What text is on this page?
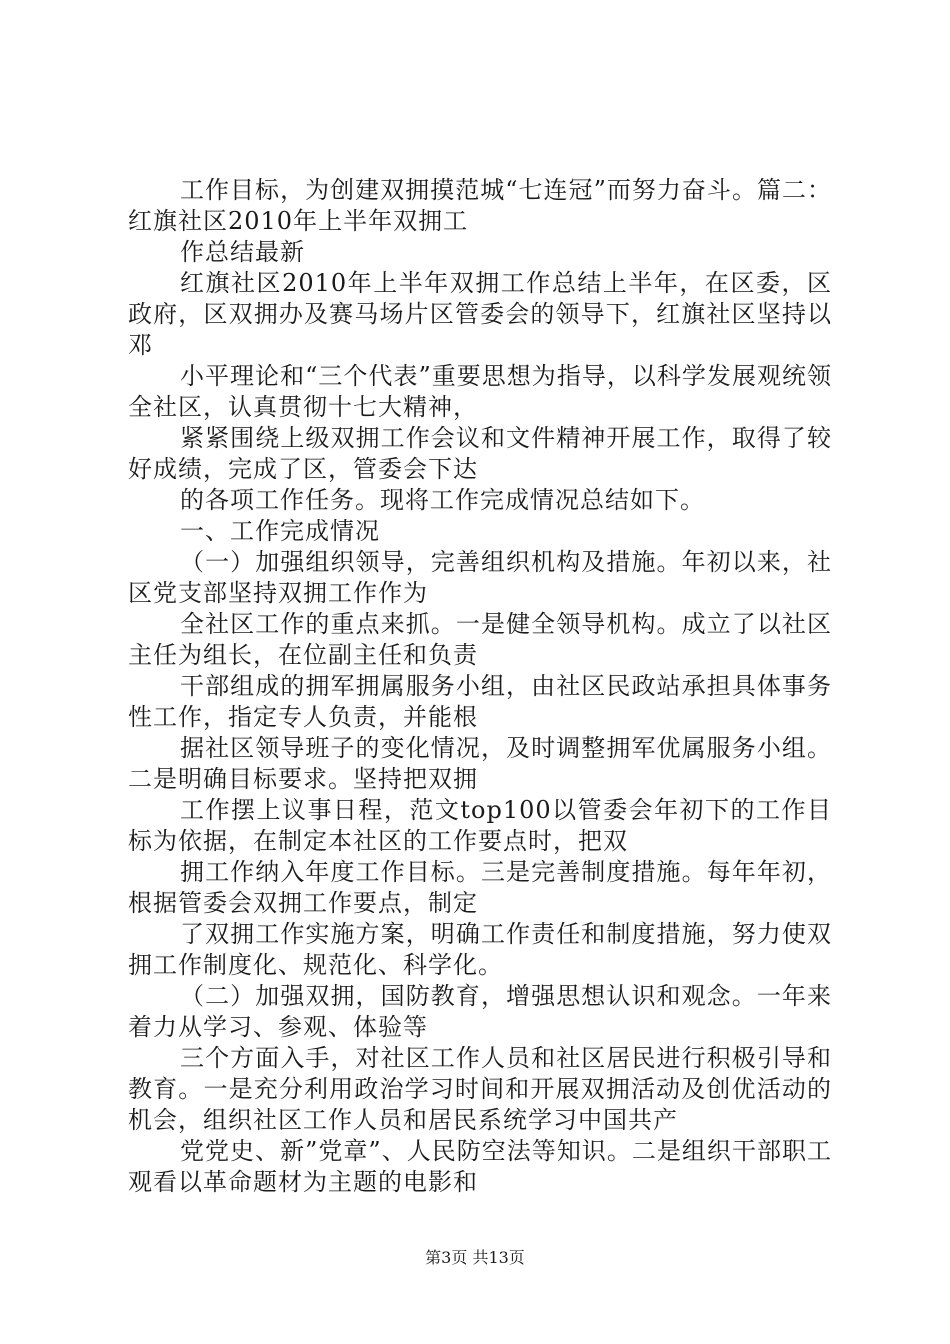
工作目标，为创建双拥摸范城“七连冠”而努力奋斗。篇二：红旗社区2010年上半年双拥工

作总结最新

红旗社区2010年上半年双拥工作总结上半年，在区委，区政府，区双拥办及赛马场片区管委会的领导下，红旗社区坚持以邓

小平理论和“三个代表”重要思想为指导，以科学发展观统领全社区，认真贯彻十七大精神，

紧紧围绕上级双拥工作会议和文件精神开展工作，取得了较好成绩，完成了区，管委会下达

的各项工作任务。现将工作完成情况总结如下。

一、工作完成情况

（一）加强组织领导，完善组织机构及措施。年初以来，社区党支部坚持双拥工作作为

全社区工作的重点来抓。一是健全领导机构。成立了以社区主任为组长，在位副主任和负责

干部组成的拥军拥属服务小组，由社区民政站承担具体事务性工作，指定专人负责，并能根

据社区领导班子的变化情况，及时调整拥军优属服务小组。二是明确目标要求。坚持把双拥

工作摆上议事日程，范文top100以管委会年初下的工作目标为依据，在制定本社区的工作要点时，把双

拥工作纳入年度工作目标。三是完善制度措施。每年年初，根据管委会双拥工作要点，制定

了双拥工作实施方案，明确工作责任和制度措施，努力使双拥工作制度化、规范化、科学化。

（二）加强双拥，国防教育，增强思想认识和观念。一年来着力从学习、参观、体验等

三个方面入手，对社区工作人员和社区居民进行积极引导和教育。一是充分利用政治学习时间和开展双拥活动及创优活动的机会，组织社区工作人员和居民系统学习中国共产

党党史、新”党章”、人民防空法等知识。二是组织干部职工观看以革命题材为主题的电影和

第3页 共13页
